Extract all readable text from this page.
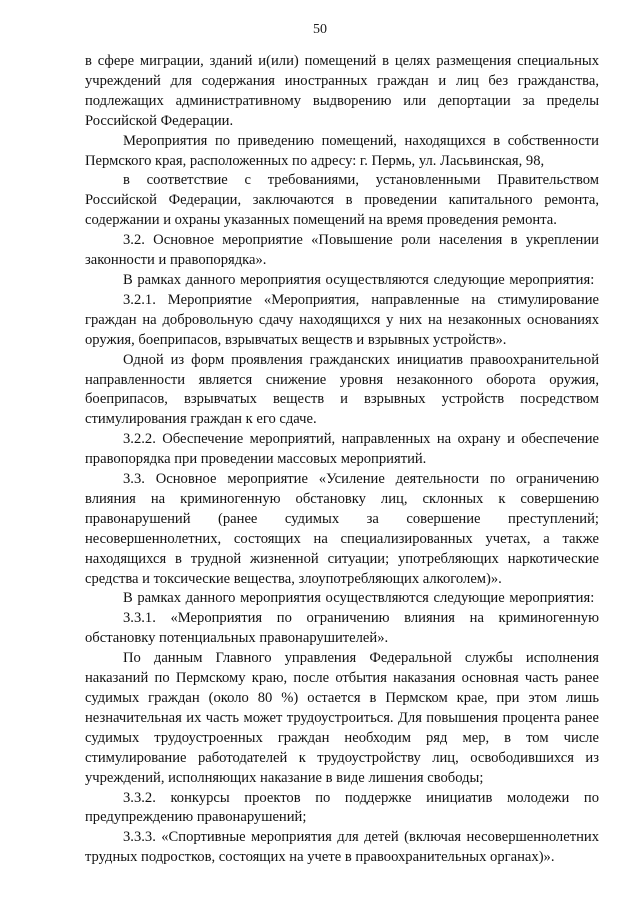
50

в сфере миграции, зданий и(или) помещений в целях размещения специальных учреждений для содержания иностранных граждан и лиц без гражданства, подлежащих административному выдворению или депортации за пределы Российской Федерации.

Мероприятия по приведению помещений, находящихся в собственности Пермского края, расположенных по адресу: г. Пермь, ул. Ласьвинская, 98,

в соответствие с требованиями, установленными Правительством Российской Федерации, заключаются в проведении капитального ремонта, содержании и охраны указанных помещений на время проведения ремонта.

3.2. Основное мероприятие «Повышение роли населения в укреплении законности и правопорядка».

В рамках данного мероприятия осуществляются следующие мероприятия:

3.2.1. Мероприятие «Мероприятия, направленные на стимулирование граждан на добровольную сдачу находящихся у них на незаконных основаниях оружия, боеприпасов, взрывчатых веществ и взрывных устройств».

Одной из форм проявления гражданских инициатив правоохранительной направленности является снижение уровня незаконного оборота оружия, боеприпасов, взрывчатых веществ и взрывных устройств посредством стимулирования граждан к его сдаче.

3.2.2. Обеспечение мероприятий, направленных на охрану и обеспечение правопорядка при проведении массовых мероприятий.

3.3. Основное мероприятие «Усиление деятельности по ограничению влияния на криминогенную обстановку лиц, склонных к совершению правонарушений (ранее судимых за совершение преступлений; несовершеннолетних, состоящих на специализированных учетах, а также находящихся в трудной жизненной ситуации; употребляющих наркотические средства и токсические вещества, злоупотребляющих алкоголем)».

В рамках данного мероприятия осуществляются следующие мероприятия:

3.3.1. «Мероприятия по ограничению влияния на криминогенную обстановку потенциальных правонарушителей».

По данным Главного управления Федеральной службы исполнения наказаний по Пермскому краю, после отбытия наказания основная часть ранее судимых граждан (около 80 %) остается в Пермском крае, при этом лишь незначительная их часть может трудоустроиться. Для повышения процента ранее судимых трудоустроенных граждан необходим ряд мер, в том числе стимулирование работодателей к трудоустройству лиц, освободившихся из учреждений, исполняющих наказание в виде лишения свободы;

3.3.2. конкурсы проектов по поддержке инициатив молодежи по предупреждению правонарушений;

3.3.3. «Спортивные мероприятия для детей (включая несовершеннолетних трудных подростков, состоящих на учете в правоохранительных органах)».
